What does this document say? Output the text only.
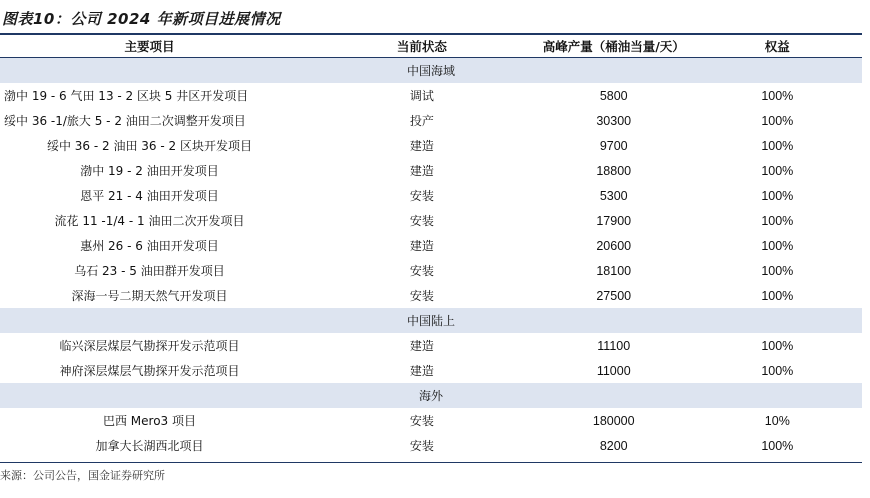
图表10：公司 2024 年新项目进展情况
主要项目	当前状态	高峰产量（桶油当量/天）	权益
中国海域			
渤中 19 - 6 气田 13 - 2 区块 5 井区开发项目	调试	5800	100%
绥中 36 -1/旅大 5 - 2 油田二次调整开发项目	投产	30300	100%
绥中 36 - 2 油田 36 - 2 区块开发项目	建造	9700	100%
渤中 19 - 2 油田开发项目	建造	18800	100%
恩平 21 - 4 油田开发项目	安装	5300	100%
流花 11 -1/4 - 1 油田二次开发项目	安装	17900	100%
惠州 26 - 6 油田开发项目	建造	20600	100%
乌石 23 - 5 油田群开发项目	安装	18100	100%
深海一号二期天然气开发项目	安装	27500	100%
中国陆上			
临兴深层煤层气勘探开发示范项目	建造	11100	100%
神府深层煤层气勘探开发示范项目	建造	11000	100%
海外			
巴西 Mero3 项目	安装	180000	10%
加拿大长湖西北项目	安装	8200	100%
来源：公司公告，国金证券研究所
